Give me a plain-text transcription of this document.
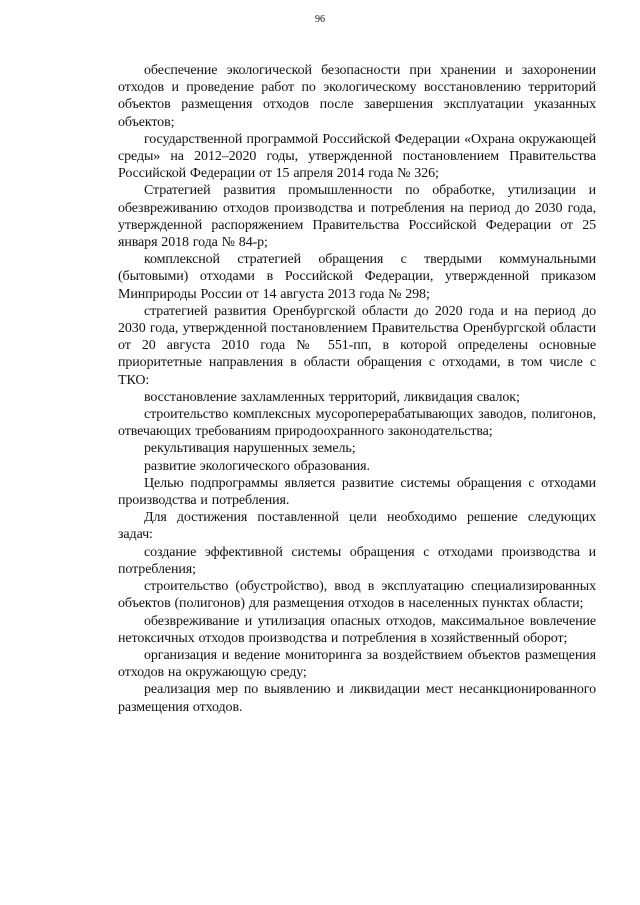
96

обеспечение экологической безопасности при хранении и захоронении отходов и проведение работ по экологическому восстановлению территорий объектов размещения отходов после завершения эксплуатации указанных объектов;

государственной программой Российской Федерации «Охрана окружающей среды» на 2012–2020 годы, утвержденной постановлением Правительства Российской Федерации от 15 апреля 2014 года № 326;

Стратегией развития промышленности по обработке, утилизации и обезвреживанию отходов производства и потребления на период до 2030 года, утвержденной распоряжением Правительства Российской Федерации от 25 января 2018 года № 84-р;

комплексной стратегией обращения с твердыми коммунальными (бытовыми) отходами в Российской Федерации, утвержденной приказом Минприроды России от 14 августа 2013 года № 298;

стратегией развития Оренбургской области до 2020 года и на период до 2030 года, утвержденной постановлением Правительства Оренбургской области от 20 августа 2010 года № 551-пп, в которой определены основные приоритетные направления в области обращения с отходами, в том числе с ТКО:

восстановление захламленных территорий, ликвидация свалок;

строительство комплексных мусороперерабатывающих заводов, полигонов, отвечающих требованиям природоохранного законодательства;

рекультивация нарушенных земель;

развитие экологического образования.

Целью подпрограммы является развитие системы обращения с отходами производства и потребления.

Для достижения поставленной цели необходимо решение следующих задач:

создание эффективной системы обращения с отходами производства и потребления;

строительство (обустройство), ввод в эксплуатацию специализированных объектов (полигонов) для размещения отходов в населенных пунктах области;

обезвреживание и утилизация опасных отходов, максимальное вовлечение нетоксичных отходов производства и потребления в хозяйственный оборот;

организация и ведение мониторинга за воздействием объектов размещения отходов на окружающую среду;

реализация мер по выявлению и ликвидации мест несанкционированного размещения отходов.
